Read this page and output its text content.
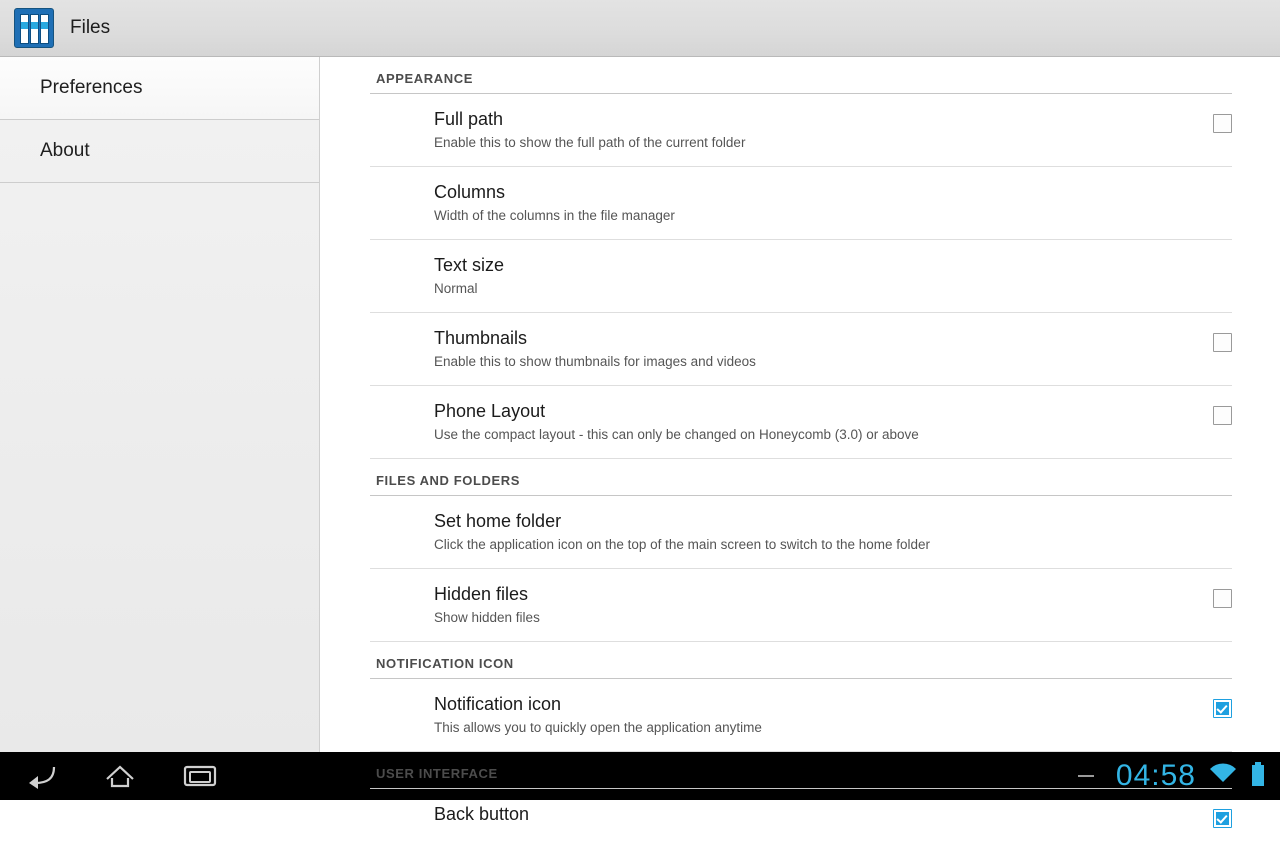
Files
Preferences
About
APPEARANCE
Full path
Enable this to show the full path of the current folder
Columns
Width of the columns in the file manager
Text size
Normal
Thumbnails
Enable this to show thumbnails for images and videos
Phone Layout
Use the compact layout - this can only be changed on Honeycomb (3.0) or above
FILES AND FOLDERS
Set home folder
Click the application icon on the top of the main screen to switch to the home folder
Hidden files
Show hidden files
NOTIFICATION ICON
Notification icon
This allows you to quickly open the application anytime
USER INTERFACE
Back button
04:58
